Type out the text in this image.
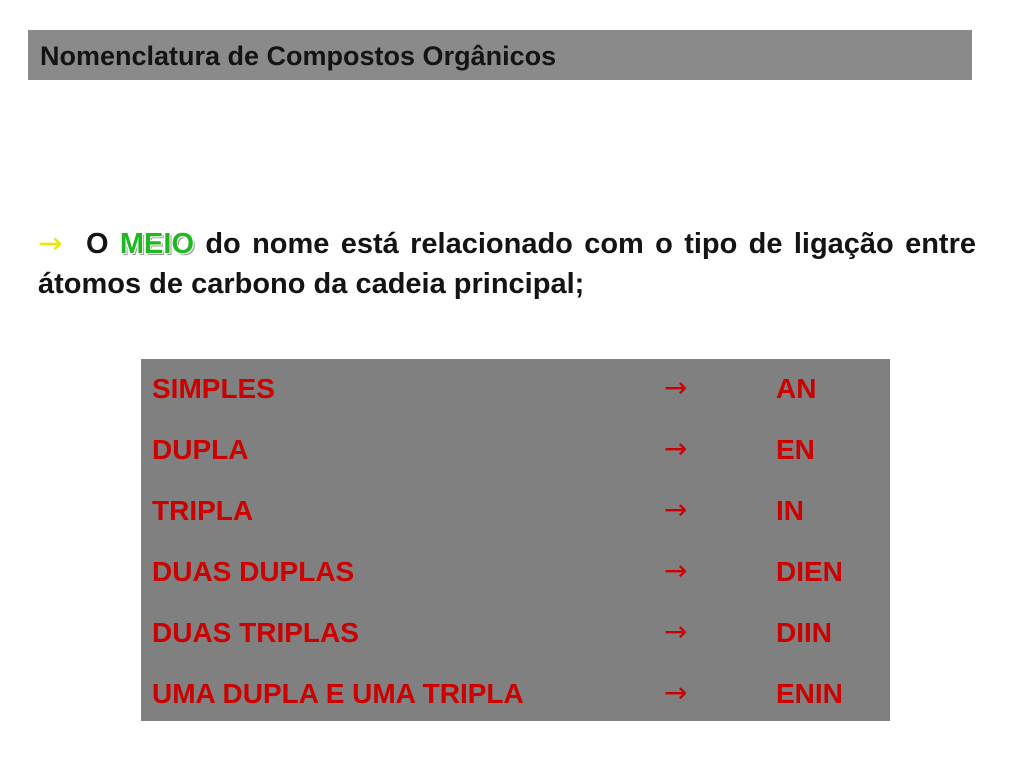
Nomenclatura de Compostos Orgânicos
→ O MEIO do nome está relacionado com o tipo de ligação entre átomos de carbono da cadeia principal;
SIMPLES	→	AN
DUPLA	→	EN
TRIPLA	→	IN
DUAS DUPLAS	→	DIEN
DUAS TRIPLAS	→	DIIN
UMA DUPLA E UMA TRIPLA	→	ENIN
